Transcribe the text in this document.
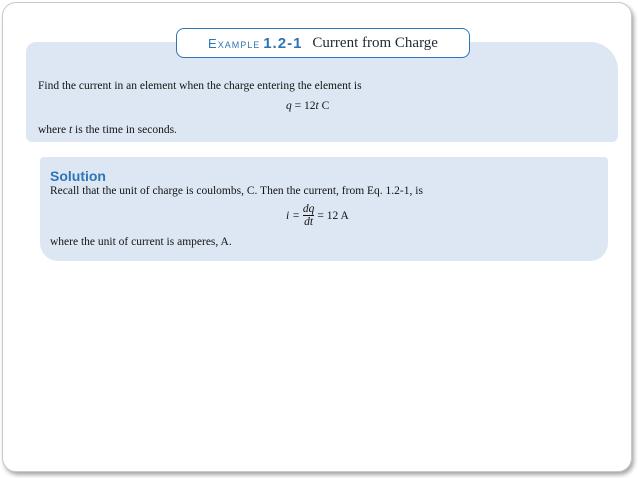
Example 1.2-1 Current from Charge
Find the current in an element when the charge entering the element is
q = 12t C
where t is the time in seconds.
Solution
Recall that the unit of charge is coulombs, C. Then the current, from Eq. 1.2-1, is
$i = \frac{dq}{dt} = 12$ A
where the unit of current is amperes, A.
